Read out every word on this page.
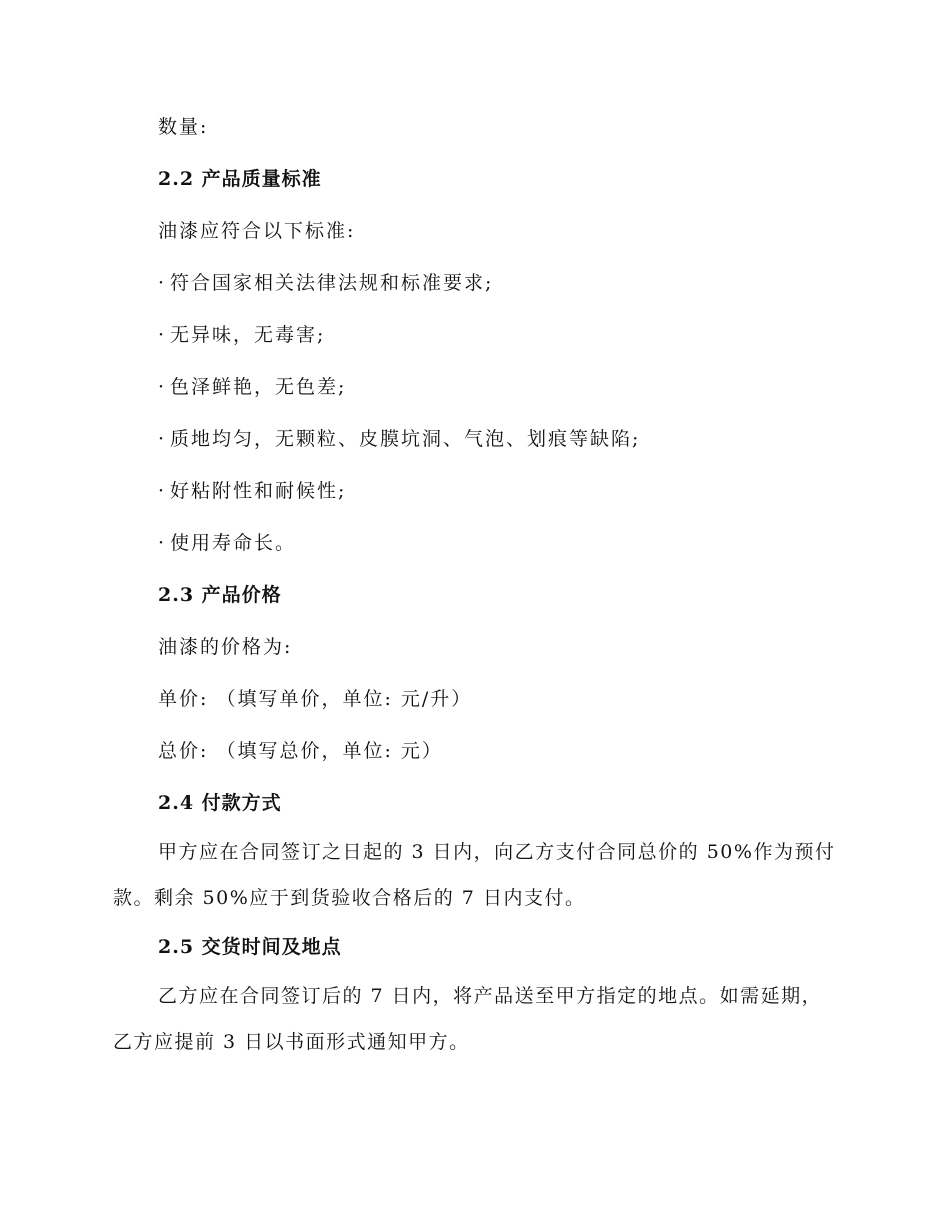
数量:
2.2 产品质量标准
油漆应符合以下标准:
· 符合国家相关法律法规和标准要求;
· 无异味，无毒害;
· 色泽鲜艳，无色差;
· 质地均匀，无颗粒、皮膜坑洞、气泡、划痕等缺陷;
· 好粘附性和耐候性;
· 使用寿命长。
2.3 产品价格
油漆的价格为:
单价: （填写单价，单位: 元/升）
总价: （填写总价，单位: 元）
2.4 付款方式
甲方应在合同签订之日起的 3 日内，向乙方支付合同总价的 50%作为预付款。剩余 50%应于到货验收合格后的 7 日内支付。
2.5 交货时间及地点
乙方应在合同签订后的 7 日内，将产品送至甲方指定的地点。如需延期，乙方应提前 3 日以书面形式通知甲方。
